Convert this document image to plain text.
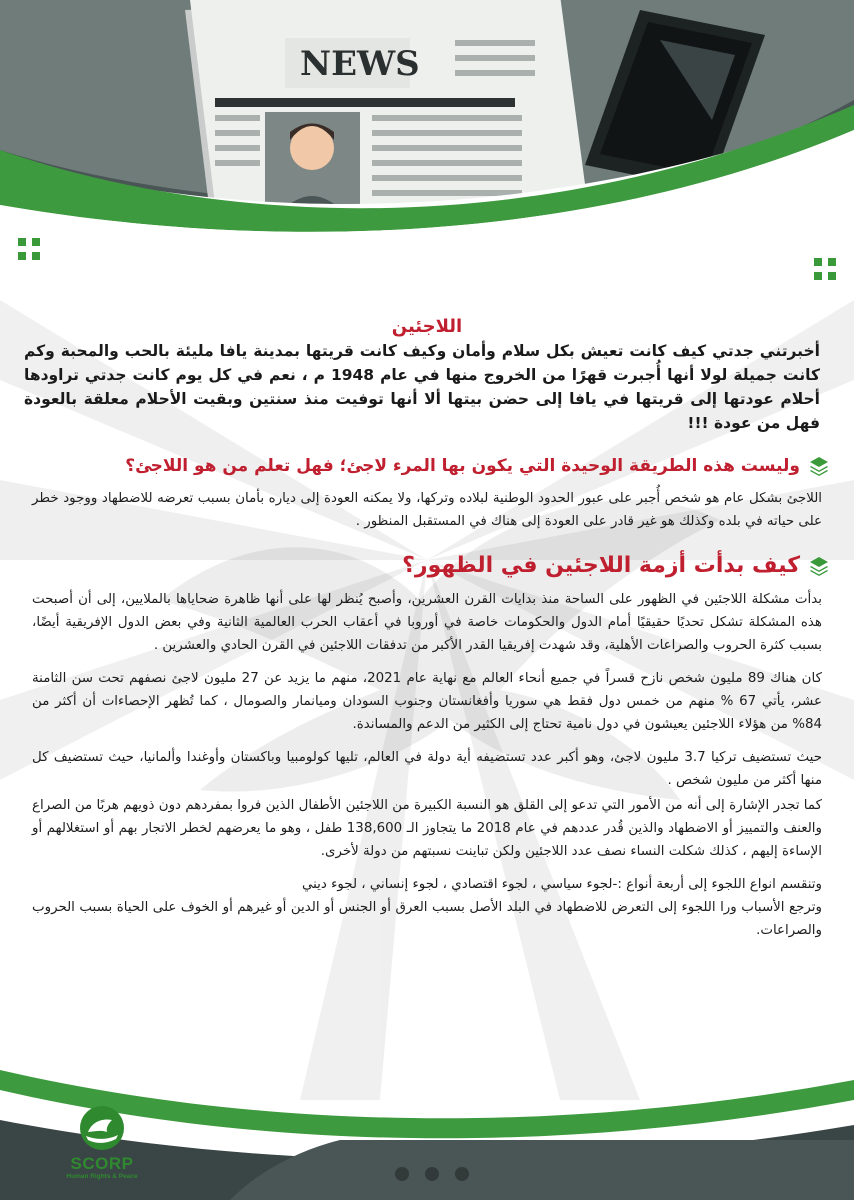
NEWS
اللاجئين

أخبرتني جدتي كيف كانت تعيش بكل سلام وأمان وكيف كانت قريتها بمدينة يافا مليئة بالحب والمحبة وكم كانت جميلة لولا أنها أُجبرت قهرًا من الخروج منها في عام 1948 م ، نعم في كل يوم كانت جدتي تراودها أحلام عودتها إلى قريتها في يافا إلى حضن بيتها ألا أنها توفيت منذ سنتين وبقيت الأحلام معلقة بالعودة فهل من عودة !!!

وليست هذه الطريقة الوحيدة التي يكون بها المرء لاجئ؛ فهل تعلم من هو اللاجئ؟

اللاجئ بشكل عام هو شخص أُجبر على عبور الحدود الوطنية لبلاده وتركها، ولا يمكنه العودة إلى دياره بأمان بسبب تعرضه للاضطهاد ووجود خطر على حياته في بلده وكذلك هو غير قادر على العودة إلى هناك في المستقبل المنظور .

كيف بدأت أزمة اللاجئين في الظهور؟

بدأت مشكلة اللاجئين في الظهور على الساحة منذ بدايات القرن العشرين، وأصبح يُنظر لها على أنها ظاهرة ضحاياها بالملايين، إلى أن أصبحت هذه المشكلة تشكل تحديًا حقيقيًا أمام الدول والحكومات خاصة في أوروبا في أعقاب الحرب العالمية الثانية وفي بعض الدول الإفريقية أيضًا، بسبب كثرة الحروب والصراعات الأهلية، وقد شهدت إفريقيا القدر الأكبر من تدفقات اللاجئين في القرن الحادي والعشرين .

كان هناك 89 مليون شخص نازح قسراً في جميع أنحاء العالم مع نهاية عام 2021، منهم ما يزيد عن 27 مليون لاجئ نصفهم تحت سن الثامنة عشر، يأتي 67 % منهم من خمس دول فقط هي سوريا وأفغانستان وجنوب السودان وميانمار والصومال ، كما تُظهر الإحصاءات أن أكثر من 84% من هؤلاء اللاجئين يعيشون في دول نامية تحتاج إلى الكثير من الدعم والمساندة.

حيث تستضيف تركيا 3.7 مليون لاجئ، وهو أكبر عدد تستضيفه أية دولة في العالم، تليها كولومبيا وباكستان وأوغندا وألمانيا، حيث تستضيف كل منها أكثر من مليون شخص .

كما تجدر الإشارة إلى أنه من الأمور التي تدعو إلى القلق هو النسبة الكبيرة من اللاجئين الأطفال الذين فروا بمفردهم دون ذويهم هربًا من الصراع والعنف والتمييز أو الاضطهاد والذين قُدر عددهم في عام 2018 ما يتجاوز الـ 138,600 طفل ، وهو ما يعرضهم لخطر الاتجار بهم أو استغلالهم أو الإساءة إليهم ، كذلك شكلت النساء نصف عدد اللاجئين ولكن تباينت نسبتهم من دولة لأخرى.

وتنقسم انواع اللجوء إلى أربعة أنواع :-لجوء سياسي ، لجوء اقتصادي ، لجوء إنساني ، لجوء ديني
وترجع الأسباب ورا اللجوء إلى التعرض للاضطهاد في البلد الأصل بسبب العرق أو الجنس أو الدين أو غيرهم أو الخوف على الحياة بسبب الحروب والصراعات.

SCORP
Human Rights & Peace
